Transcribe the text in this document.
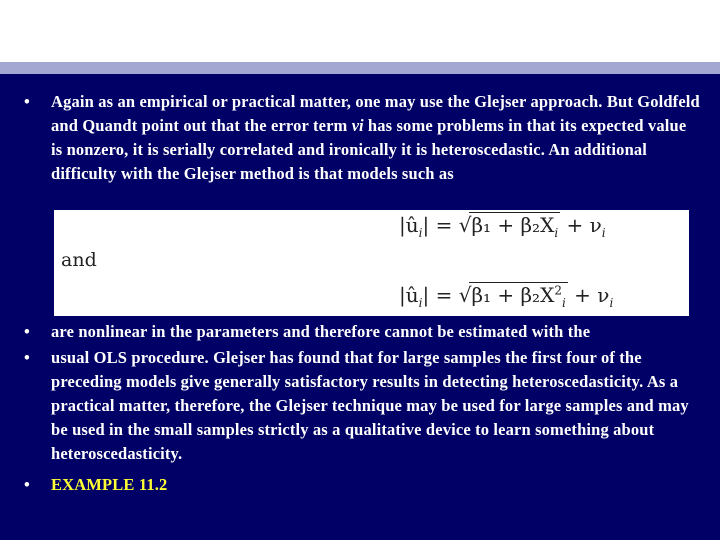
• Again as an empirical or practical matter, one may use the Glejser approach. But Goldfeld and Quandt point out that the error term vi has some problems in that its expected value is nonzero, it is serially correlated and ironically it is heteroscedastic. An additional difficulty with the Glejser method is that models such as
and
$|û_i| = √\beta_1 + \beta_2X_i + \nu_i$
$|û_i| = √\beta_1 + \beta_2X^2_i + \nu_i$
• are nonlinear in the parameters and therefore cannot be estimated with the
• usual OLS procedure. Glejser has found that for large samples the first four of the preceding models give generally satisfactory results in detecting heteroscedasticity. As a practical matter, therefore, the Glejser technique may be used for large samples and may be used in the small samples strictly as a qualitative device to learn something about heteroscedasticity.
• EXAMPLE 11.2
